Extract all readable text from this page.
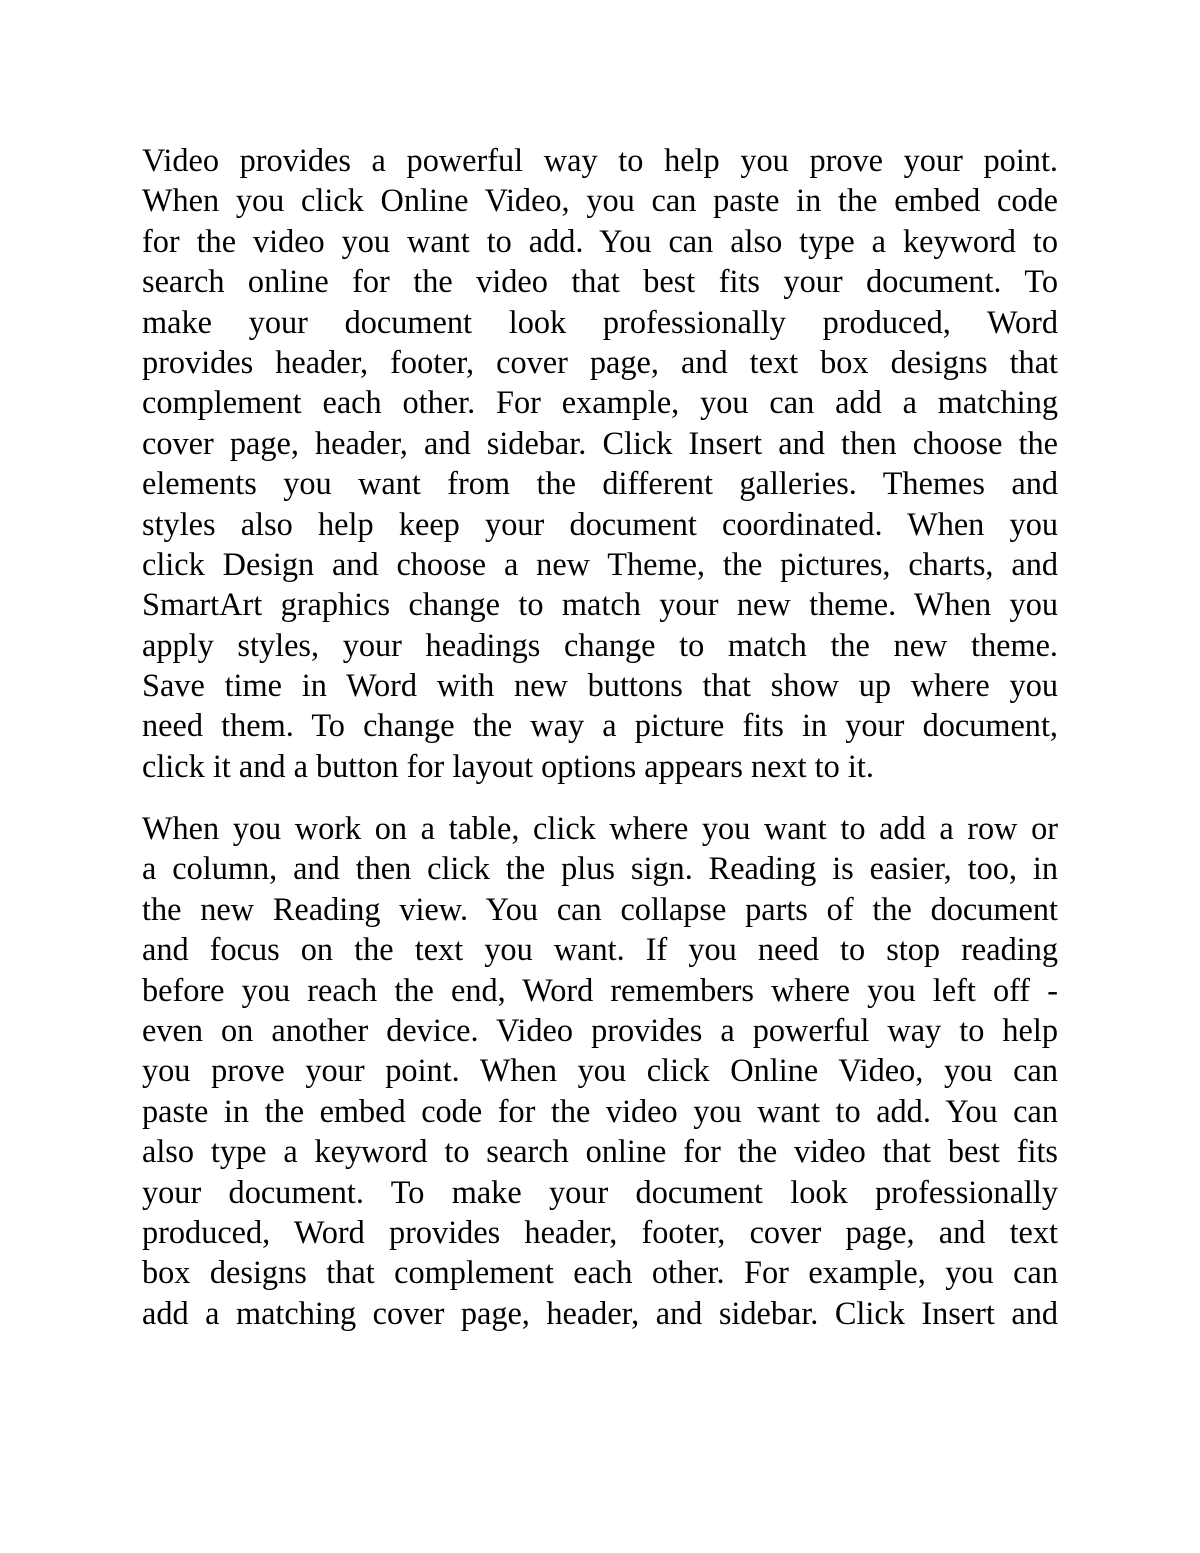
Video provides a powerful way to help you prove your point.
When you click Online Video, you can paste in the embed code
for the video you want to add. You can also type a keyword to
search online for the video that best fits your document. To
make your document look professionally produced, Word
provides header, footer, cover page, and text box designs that
complement each other. For example, you can add a matching
cover page, header, and sidebar. Click Insert and then choose the
elements you want from the different galleries. Themes and
styles also help keep your document coordinated. When you
click Design and choose a new Theme, the pictures, charts, and
SmartArt graphics change to match your new theme. When you
apply styles, your headings change to match the new theme.
Save time in Word with new buttons that show up where you
need them. To change the way a picture fits in your document,
click it and a button for layout options appears next to it.
When you work on a table, click where you want to add a row or
a column, and then click the plus sign. Reading is easier, too, in
the new Reading view. You can collapse parts of the document
and focus on the text you want. If you need to stop reading
before you reach the end, Word remembers where you left off -
even on another device. Video provides a powerful way to help
you prove your point. When you click Online Video, you can
paste in the embed code for the video you want to add. You can
also type a keyword to search online for the video that best fits
your document. To make your document look professionally
produced, Word provides header, footer, cover page, and text
box designs that complement each other. For example, you can
add a matching cover page, header, and sidebar. Click Insert and
